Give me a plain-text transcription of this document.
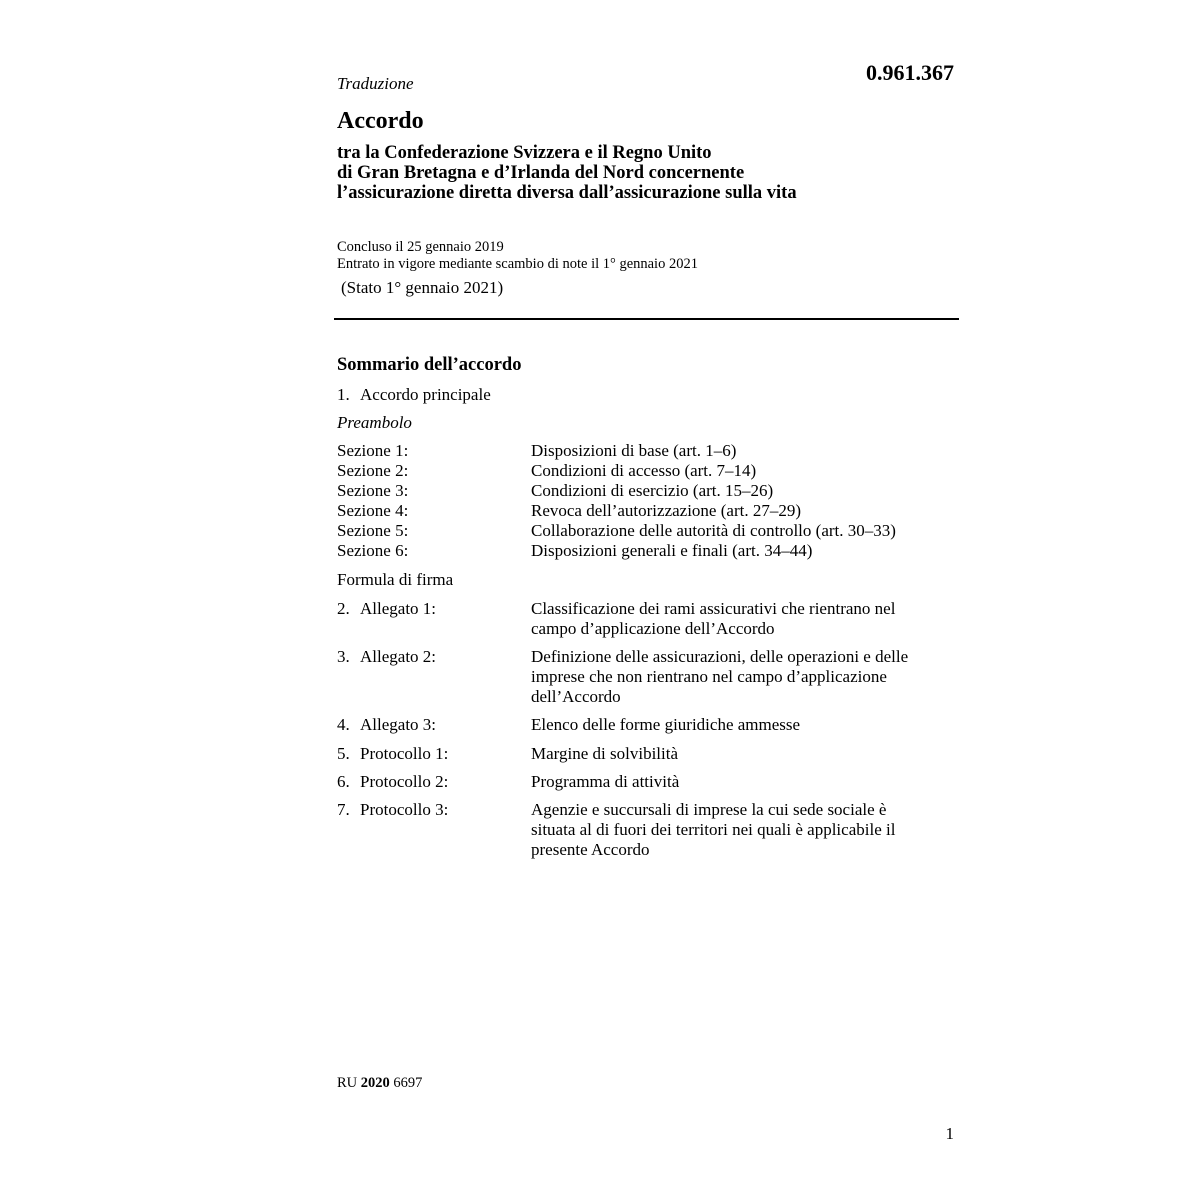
Traduzione	0.961.367

Accordo
tra la Confederazione Svizzera e il Regno Unito
di Gran Bretagna e d’Irlanda del Nord concernente
l’assicurazione diretta diversa dall’assicurazione sulla vita
Concluso il 25 gennaio 2019
Entrato in vigore mediante scambio di note il 1° gennaio 2021

(Stato 1° gennaio 2021)

Sommario dell’accordo
1. Accordo principale
Preambolo
Sezione 1:	Disposizioni di base (art. 1–6)
Sezione 2:	Condizioni di accesso (art. 7–14)
Sezione 3:	Condizioni di esercizio (art. 15–26)
Sezione 4:	Revoca dell’autorizzazione (art. 27–29)
Sezione 5:	Collaborazione delle autorità di controllo (art. 30–33)
Sezione 6:	Disposizioni generali e finali (art. 34–44)
Formula di firma
2. Allegato 1:	Classificazione dei rami assicurativi che rientrano nel
campo d’applicazione dell’Accordo
3. Allegato 2:	Definizione delle assicurazioni, delle operazioni e delle
imprese che non rientrano nel campo d’applicazione
dell’Accordo
4. Allegato 3:	Elenco delle forme giuridiche ammesse
5. Protocollo 1:	Margine di solvibilità
6. Protocollo 2:	Programma di attività
7. Protocollo 3:	Agenzie e succursali di imprese la cui sede sociale è
situata al di fuori dei territori nei quali è applicabile il
presente Accordo

RU 2020 6697

1
